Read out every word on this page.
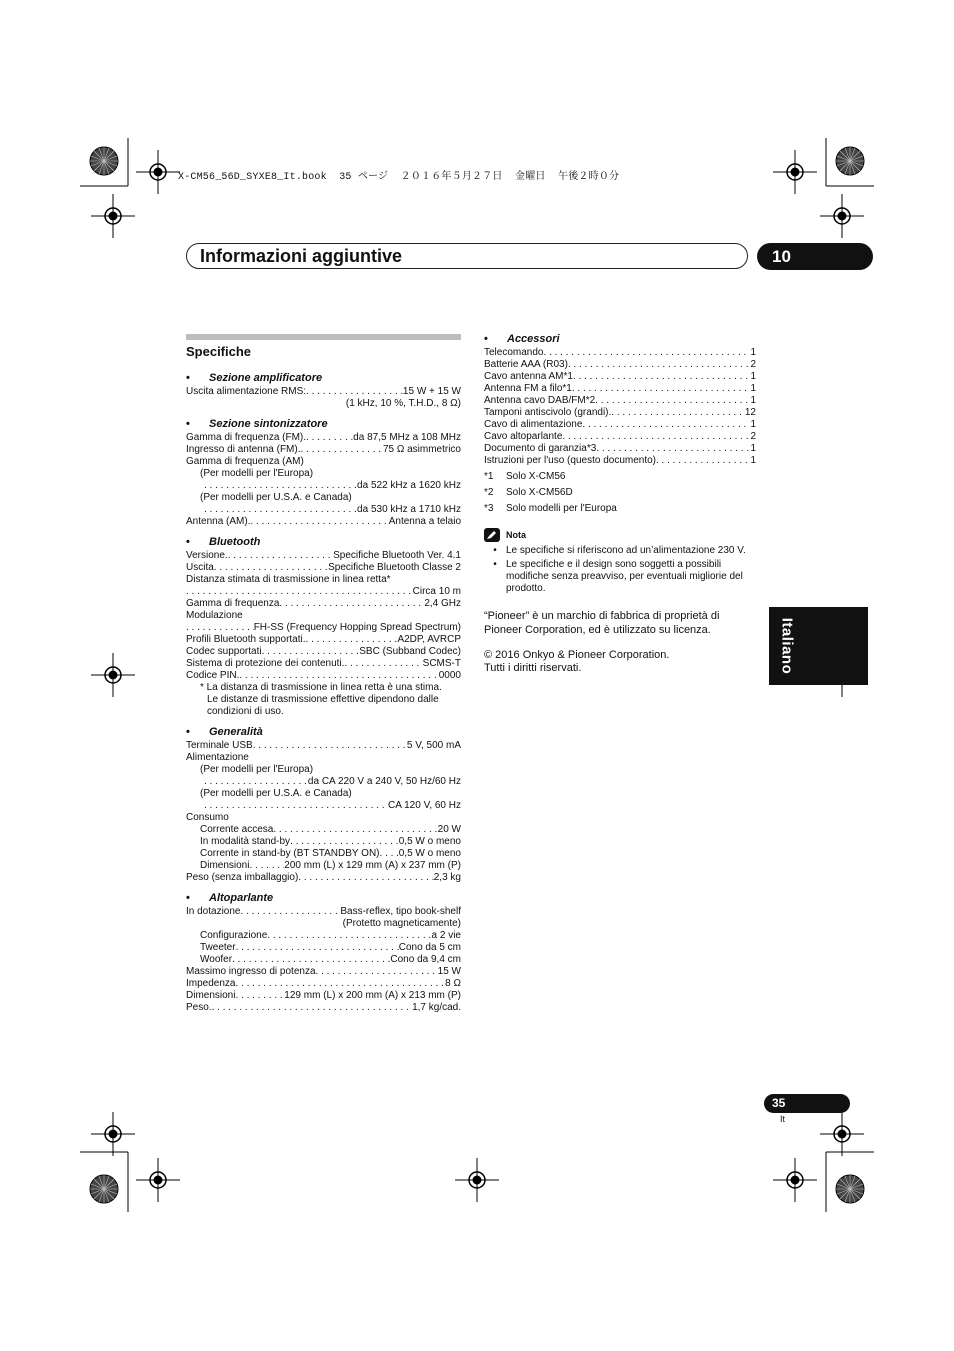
X-CM56_56D_SYXE8_It.book  35 ページ  ２０１６年５月２７日  金曜日  午後２時０分
Informazioni aggiuntive	10
Italiano
35
It
Specifiche
• Sezione amplificatore
Uscita alimentazione RMS: . . .	15 W + 15 W
(1 kHz, 10 %, T.H.D., 8 Ω)
• Sezione sintonizzatore
Gamma di frequenza (FM). . . .	da 87,5 MHz a 108 MHz
Ingresso di antenna (FM). . . .	75 Ω asimmetrico
Gamma di frequenza (AM)
(Per modelli per l'Europa)
. . .
da 522 kHz a 1620 kHz
(Per modelli per U.S.A. e Canada)
. . .
da 530 kHz a 1710 kHz
Antenna (AM). . . .	Antenna a telaio
• Bluetooth
Versione. . . .	Specifiche Bluetooth Ver. 4.1
Uscita . . .	Specifiche Bluetooth Classe 2
Distanza stimata di trasmissione in linea retta*
. . .
Circa 10 m
Gamma di frequenza . . .	2,4 GHz
Modulazione
. . .
FH-SS (Frequency Hopping Spread Spectrum)
Profili Bluetooth supportati. . . .	A2DP, AVRCP
Codec supportati . . .	SBC (Subband Codec)
Sistema di protezione dei contenuti. . . .	SCMS-T
Codice PIN. . . .	0000
* La distanza di trasmissione in linea retta è una stima.
Le distanze di trasmissione effettive dipendono dalle
condizioni di uso.
• Generalità
Terminale USB . . .	5 V, 500 mA
Alimentazione
(Per modelli per l'Europa)
. . .
da CA 220 V a 240 V, 50 Hz/60 Hz
(Per modelli per U.S.A. e Canada)
. . .
CA 120 V, 60 Hz
Consumo
Corrente accesa . . .	20 W
In modalità stand-by . . .	0,5 W o meno
Corrente in stand-by (BT STANDBY ON) . . . 0,5 W o meno
Dimensioni . . .	200 mm (L) x 129 mm (A) x 237 mm (P)
Peso (senza imballaggio) . . .	2,3 kg
• Altoparlante
In dotazione . . .	Bass-reflex, tipo book-shelf
(Protetto magneticamente)
Configurazione . . .	a 2 vie
Tweeter . . .	Cono da 5 cm
Woofer . . .	Cono da 9,4 cm
Massimo ingresso di potenza . . .	15 W
Impedenza . . .	8 Ω
Dimensioni . . .	129 mm (L) x 200 mm (A) x 213 mm (P)
Peso. . . .	1,7 kg/cad.
• Accessori
Telecomando . . .	1
Batterie AAA (R03) . . .	2
Cavo antenna AM*1 . . .	1
Antenna FM a filo*1 . . .	1
Antenna cavo DAB/FM*2 . . .	1
Tamponi antiscivolo (grandi). . . .	12
Cavo di alimentazione . . .	1
Cavo altoparlante . . .	2
Documento di garanzia*3 . . .	1
Istruzioni per l'uso (questo documento) . . .	1
*1	Solo X-CM56
*2	Solo X-CM56D
*3	Solo modelli per l'Europa
Nota
• Le specifiche si riferiscono ad un’alimentazione 230 V.
• Le specifiche e il design sono soggetti a possibili
modifiche senza preavviso, per eventuali migliorie del
prodotto.
“Pioneer” è un marchio di fabbrica di proprietà di
Pioneer Corporation, ed è utilizzato su licenza.
© 2016 Onkyo & Pioneer Corporation.
Tutti i diritti riservati.
